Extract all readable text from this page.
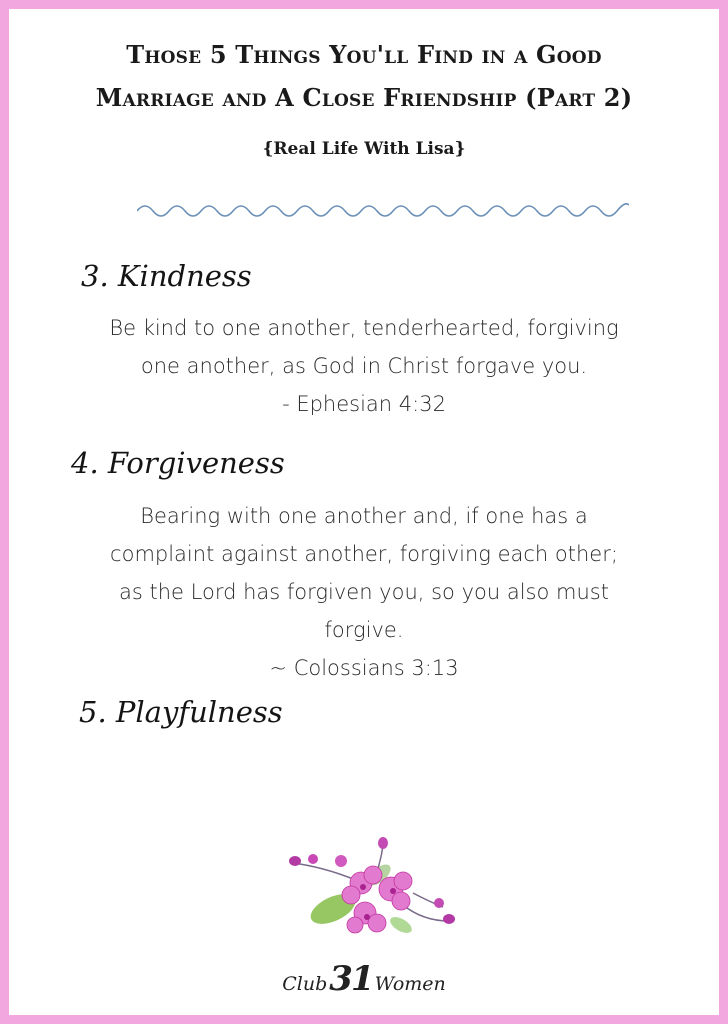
Those 5 Things You'll Find in a Good
Marriage and A Close Friendship (Part 2)
{Real Life With Lisa}
3. Kindness
Be kind to one another, tenderhearted, forgiving
one another, as God in Christ forgave you.
- Ephesian 4:32
4. Forgiveness
Bearing with one another and, if one has a
complaint against another, forgiving each other;
as the Lord has forgiven you, so you also must
forgive.
~ Colossians 3:13
5. Playfulness
Club31 Women
